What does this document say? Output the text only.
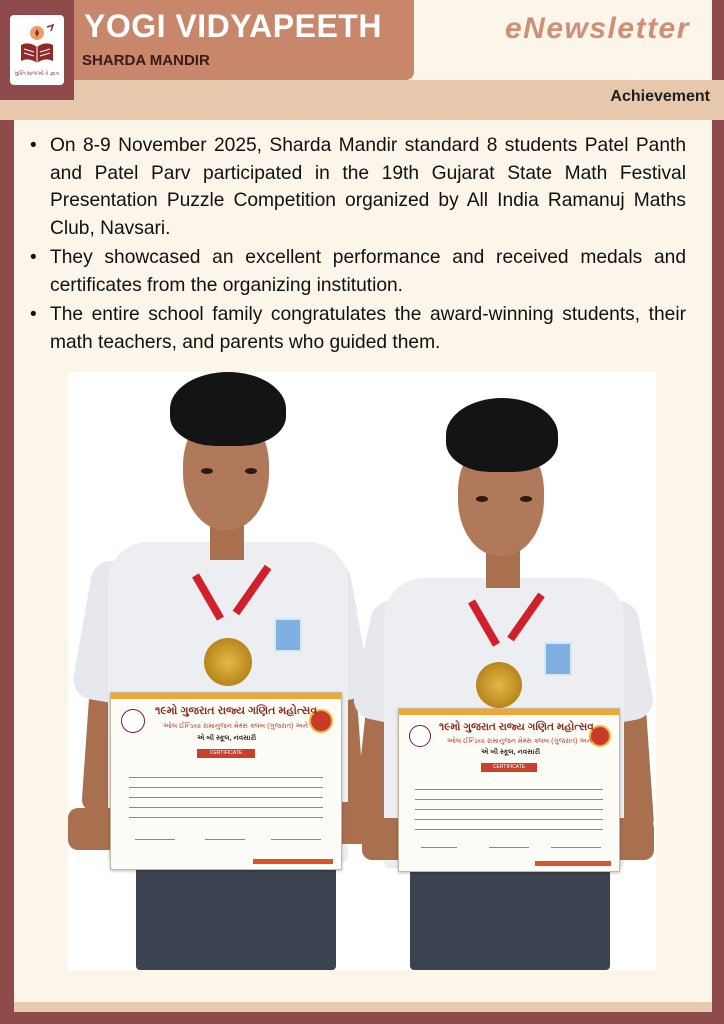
મુક્તિ શાળાઓ તે જ્ઞાન
YOGI VIDYAPEETH
SHARDA MANDIR
eNewsletter
Achievement
• On 8-9 November 2025, Sharda Mandir standard 8 students Patel Panth and Patel Parv participated in the 19th Gujarat State Math Festival Presentation Puzzle Competition organized by All India Ramanuj Maths Club, Navsari.
• They showcased an excellent performance and received medals and certificates from the organizing institution.
• The entire school family congratulates the award-winning students, their math teachers, and parents who guided them.
૧૯મો ગુજરાત રાજ્ય ગણિત મહોત્સવ
ઓલ ઈન્ડિયા રામાનુજન મેથ્સ ક્લબ (ગુજરાત) અને
એ બી સ્કૂલ, નવસારી
CERTIFICATE
૧૯મો ગુજરાત રાજ્ય ગણિત મહોત્સવ
ઓલ ઈન્ડિયા રામાનુજન મેથ્સ ક્લબ (ગુજરાત) અને
એ બી સ્કૂલ, નવસારી
CERTIFICATE
